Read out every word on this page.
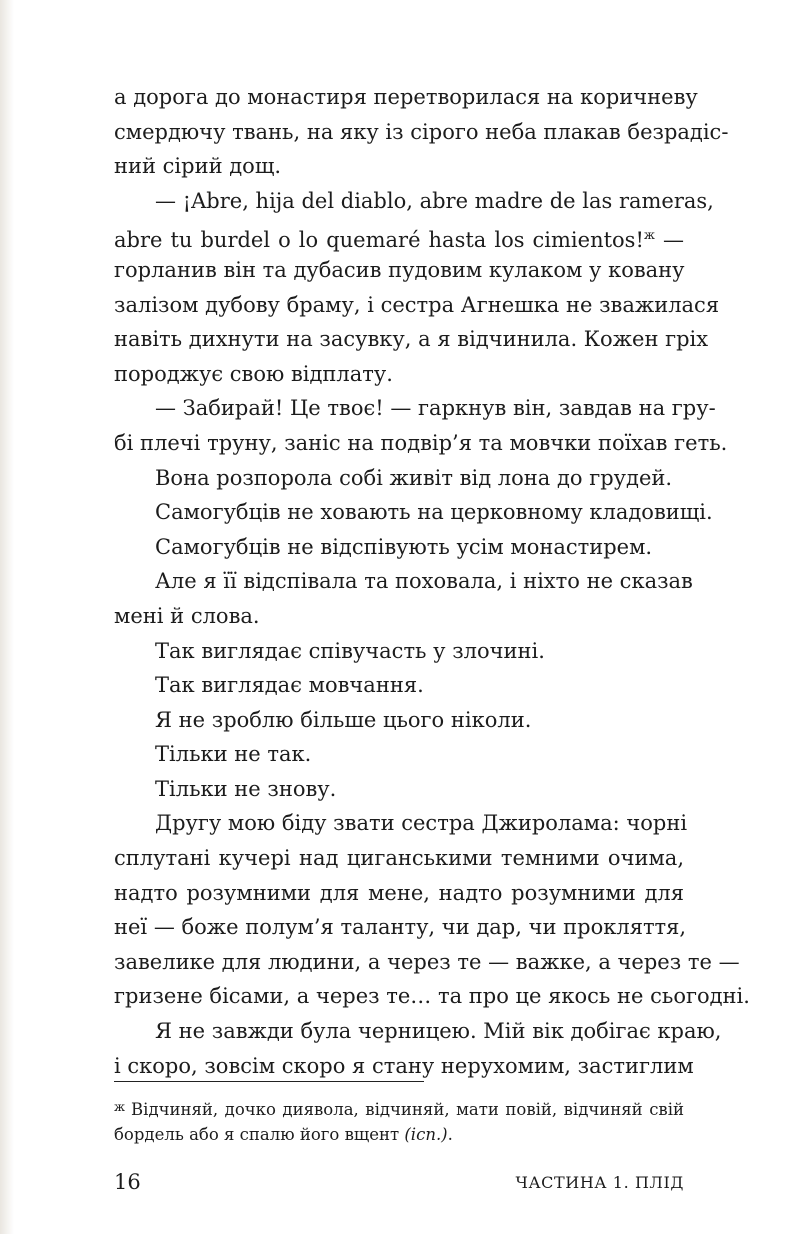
а дорога до монастиря перетворилася на коричневу
смердючу твань, на яку із сірого неба плакав безрадіс-
ний сірий дощ.
— ¡Abre, hija del diablo, abre madre de las rameras,
abre tu burdel o lo quemaré hasta los cimientos!$^ж$ —
горланив він та дубасив пудовим кулаком у ковану
залізом дубову браму, і сестра Агнешка не зважилася
навіть дихнути на засувку, а я відчинила. Кожен гріх
породжує свою відплату.
— Забирай! Це твоє! — гаркнув він, завдав на гру-
бі плечі труну, заніс на подвір’я та мовчки поїхав геть.
Вона розпорола собі живіт від лона до грудей.
Самогубців не ховають на церковному кладовищі.
Самогубців не відспівують усім монастирем.
Але я її відспівала та поховала, і ніхто не сказав
мені й слова.
Так виглядає співучасть у злочині.
Так виглядає мовчання.
Я не зроблю більше цього ніколи.
Тільки не так.
Тільки не знову.
Другу мою біду звати сестра Джиролама: чорні
сплутані кучері над циганськими темними очима,
надто розумними для мене, надто розумними для
неї — боже полум’я таланту, чи дар, чи прокляття,
завелике для людини, а через те — важке, а через те —
гризене бісами, а через те… та про це якось не сьогодні.
Я не завжди була черницею. Мій вік добігає краю,
і скоро, зовсім скоро я стану нерухомим, застиглим
$^ж$ Відчиняй, дочко диявола, відчиняй, мати повій, відчиняй свій
бордель або я спалю його вщент (icn.).
16	ЧАСТИНА 1. ПЛІД
